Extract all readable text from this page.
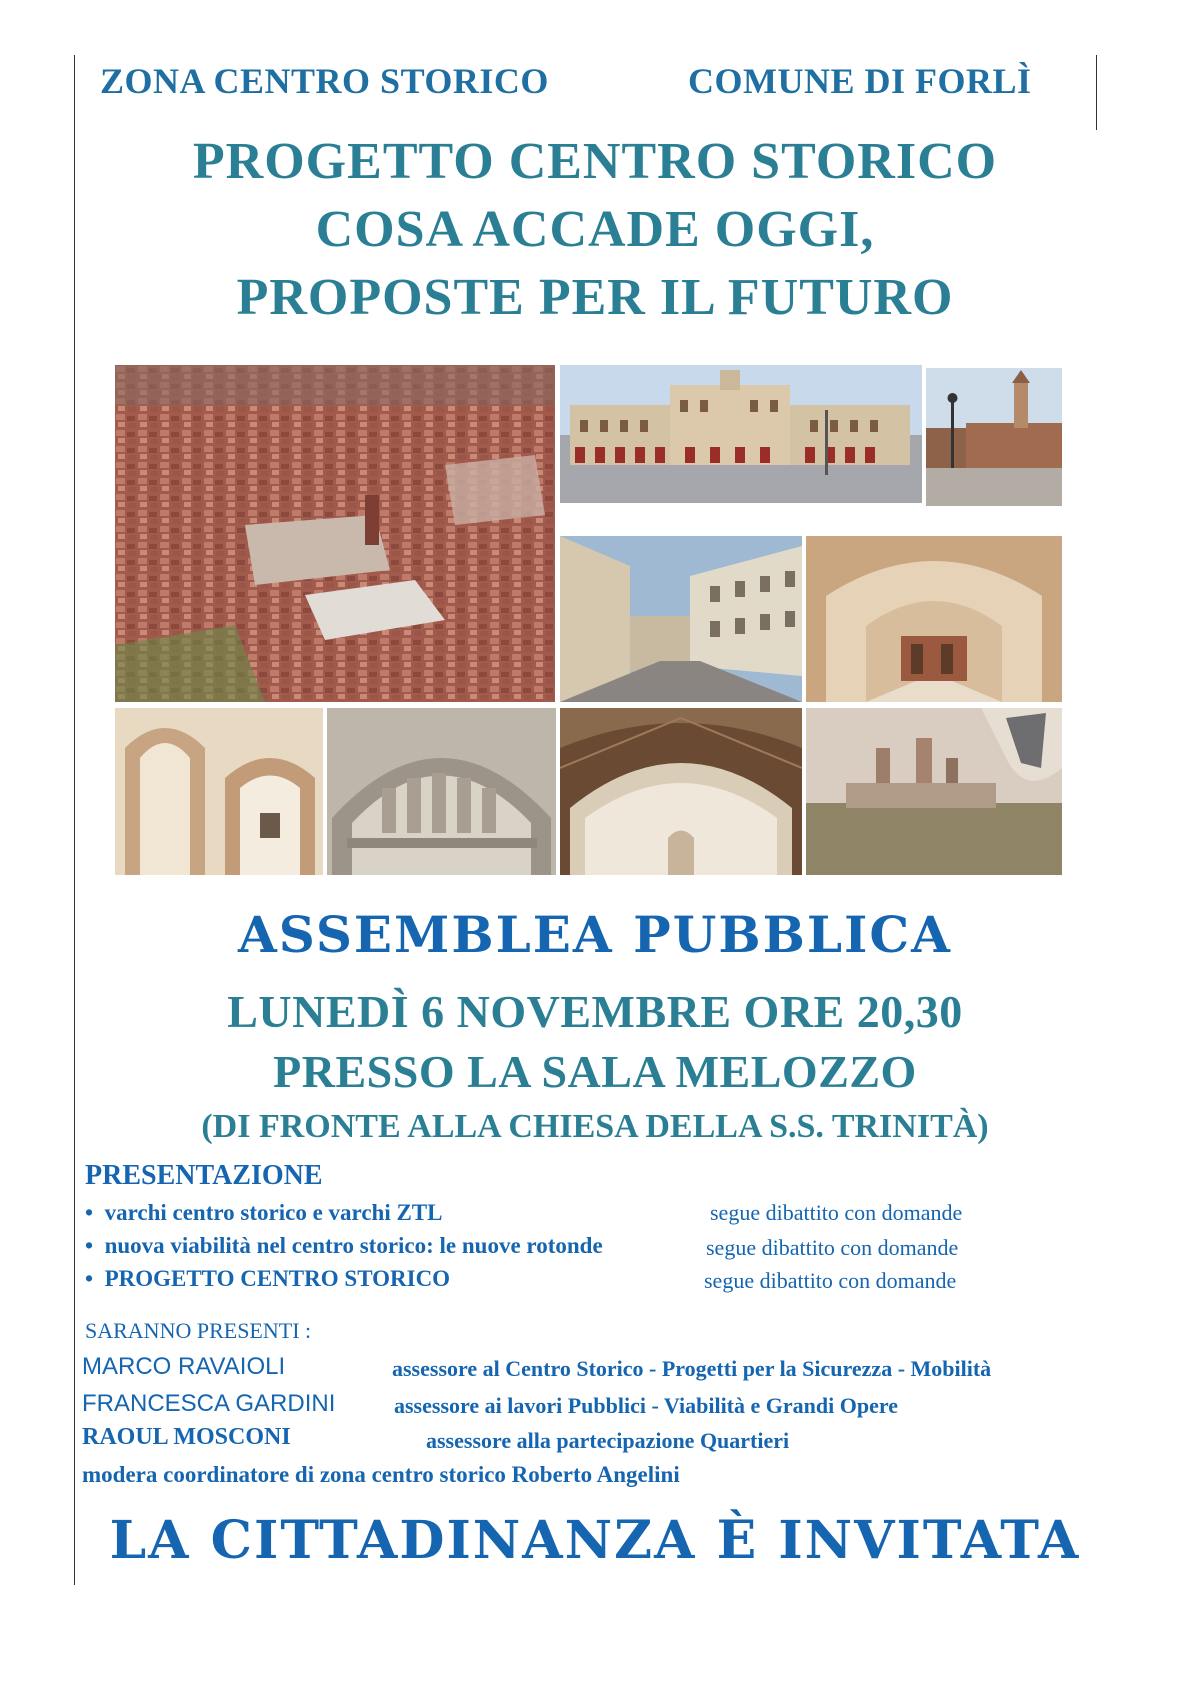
ZONA CENTRO STORICO	COMUNE DI FORLÌ
PROGETTO CENTRO STORICO
COSA ACCADE OGGI,
PROPOSTE PER IL FUTURO
ASSEMBLEA PUBBLICA
LUNEDÌ 6 NOVEMBRE ORE 20,30
PRESSO LA SALA MELOZZO
(DI FRONTE ALLA CHIESA DELLA S.S. TRINITÀ)
PRESENTAZIONE
•  varchi centro storico e varchi ZTL	segue dibattito con domande
•  nuova viabilità nel centro storico: le nuove rotonde	segue dibattito con domande
•  PROGETTO CENTRO STORICO	segue dibattito con domande
SARANNO PRESENTI :
MARCO RAVAIOLI	assessore al Centro Storico - Progetti per la Sicurezza - Mobilità
FRANCESCA GARDINI	assessore ai lavori Pubblici - Viabilità e Grandi Opere
RAOUL MOSCONI	assessore alla partecipazione Quartieri
modera coordinatore di zona centro storico Roberto Angelini
LA CITTADINANZA È INVITATA
